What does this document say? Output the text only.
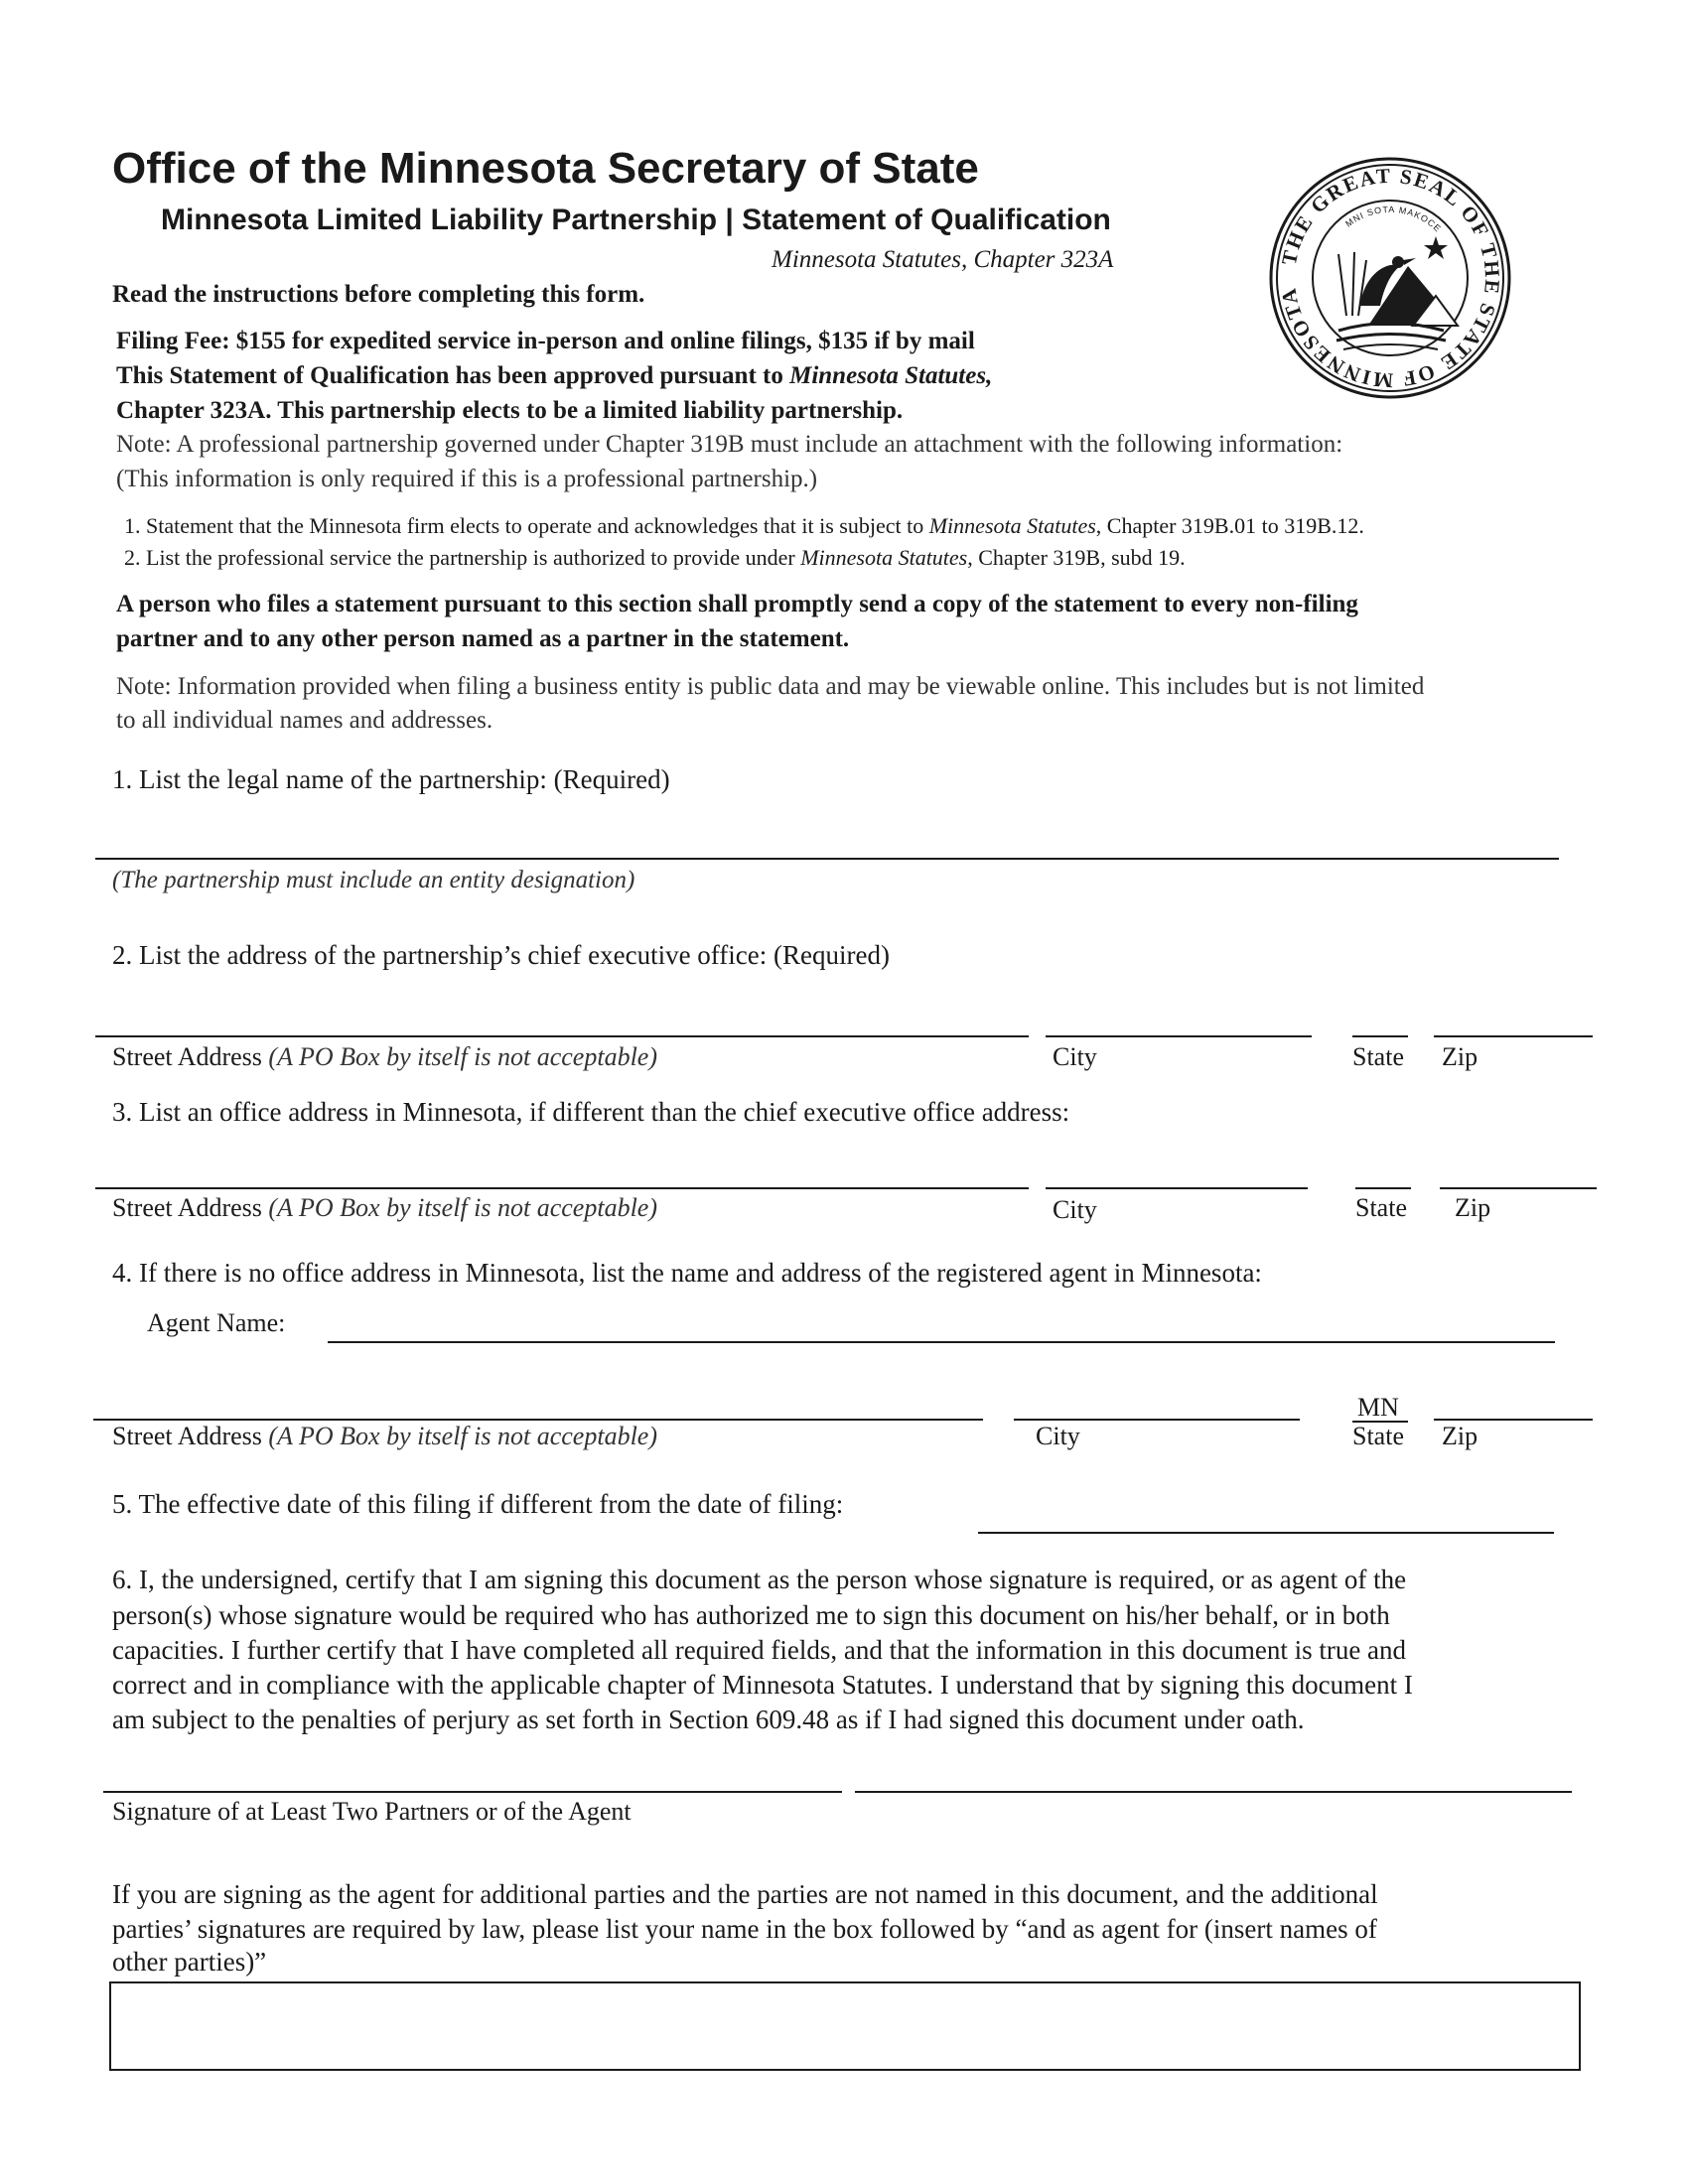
Office of the Minnesota Secretary of State
Minnesota Limited Liability Partnership | Statement of Qualification
Minnesota Statutes, Chapter 323A	THE GREAT SEAL OF THE STATE OF MINNESOTA
MNI SOTA MAKOCE
Read the instructions before completing this form.
Filing Fee: $155 for expedited service in-person and online filings, $135 if by mail
This Statement of Qualification has been approved pursuant to Minnesota Statutes,
Chapter 323A. This partnership elects to be a limited liability partnership.
Note: A professional partnership governed under Chapter 319B must include an attachment with the following information:
(This information is only required if this is a professional partnership.)
1. Statement that the Minnesota firm elects to operate and acknowledges that it is subject to Minnesota Statutes, Chapter 319B.01 to 319B.12.
2. List the professional service the partnership is authorized to provide under Minnesota Statutes, Chapter 319B, subd 19.
A person who files a statement pursuant to this section shall promptly send a copy of the statement to every non-filing
partner and to any other person named as a partner in the statement.
Note: Information provided when filing a business entity is public data and may be viewable online. This includes but is not limited
to all individual names and addresses.
1. List the legal name of the partnership: (Required)
(The partnership must include an entity designation)
2. List the address of the partnership’s chief executive office: (Required)
Street Address (A PO Box by itself is not acceptable)	City	State Zip
3. List an office address in Minnesota, if different than the chief executive office address:
Street Address (A PO Box by itself is not acceptable)	City	State Zip
4. If there is no office address in Minnesota, list the name and address of the registered agent in Minnesota:
Agent Name:
MN
Street Address (A PO Box by itself is not acceptable)	City	State Zip
5. The effective date of this filing if different from the date of filing:
6. I, the undersigned, certify that I am signing this document as the person whose signature is required, or as agent of the
person(s) whose signature would be required who has authorized me to sign this document on his/her behalf, or in both
capacities. I further certify that I have completed all required fields, and that the information in this document is true and
correct and in compliance with the applicable chapter of Minnesota Statutes. I understand that by signing this document I
am subject to the penalties of perjury as set forth in Section 609.48 as if I had signed this document under oath.
Signature of at Least Two Partners or of the Agent
If you are signing as the agent for additional parties and the parties are not named in this document, and the additional
parties’ signatures are required by law, please list your name in the box followed by “and as agent for (insert names of
other parties)”
